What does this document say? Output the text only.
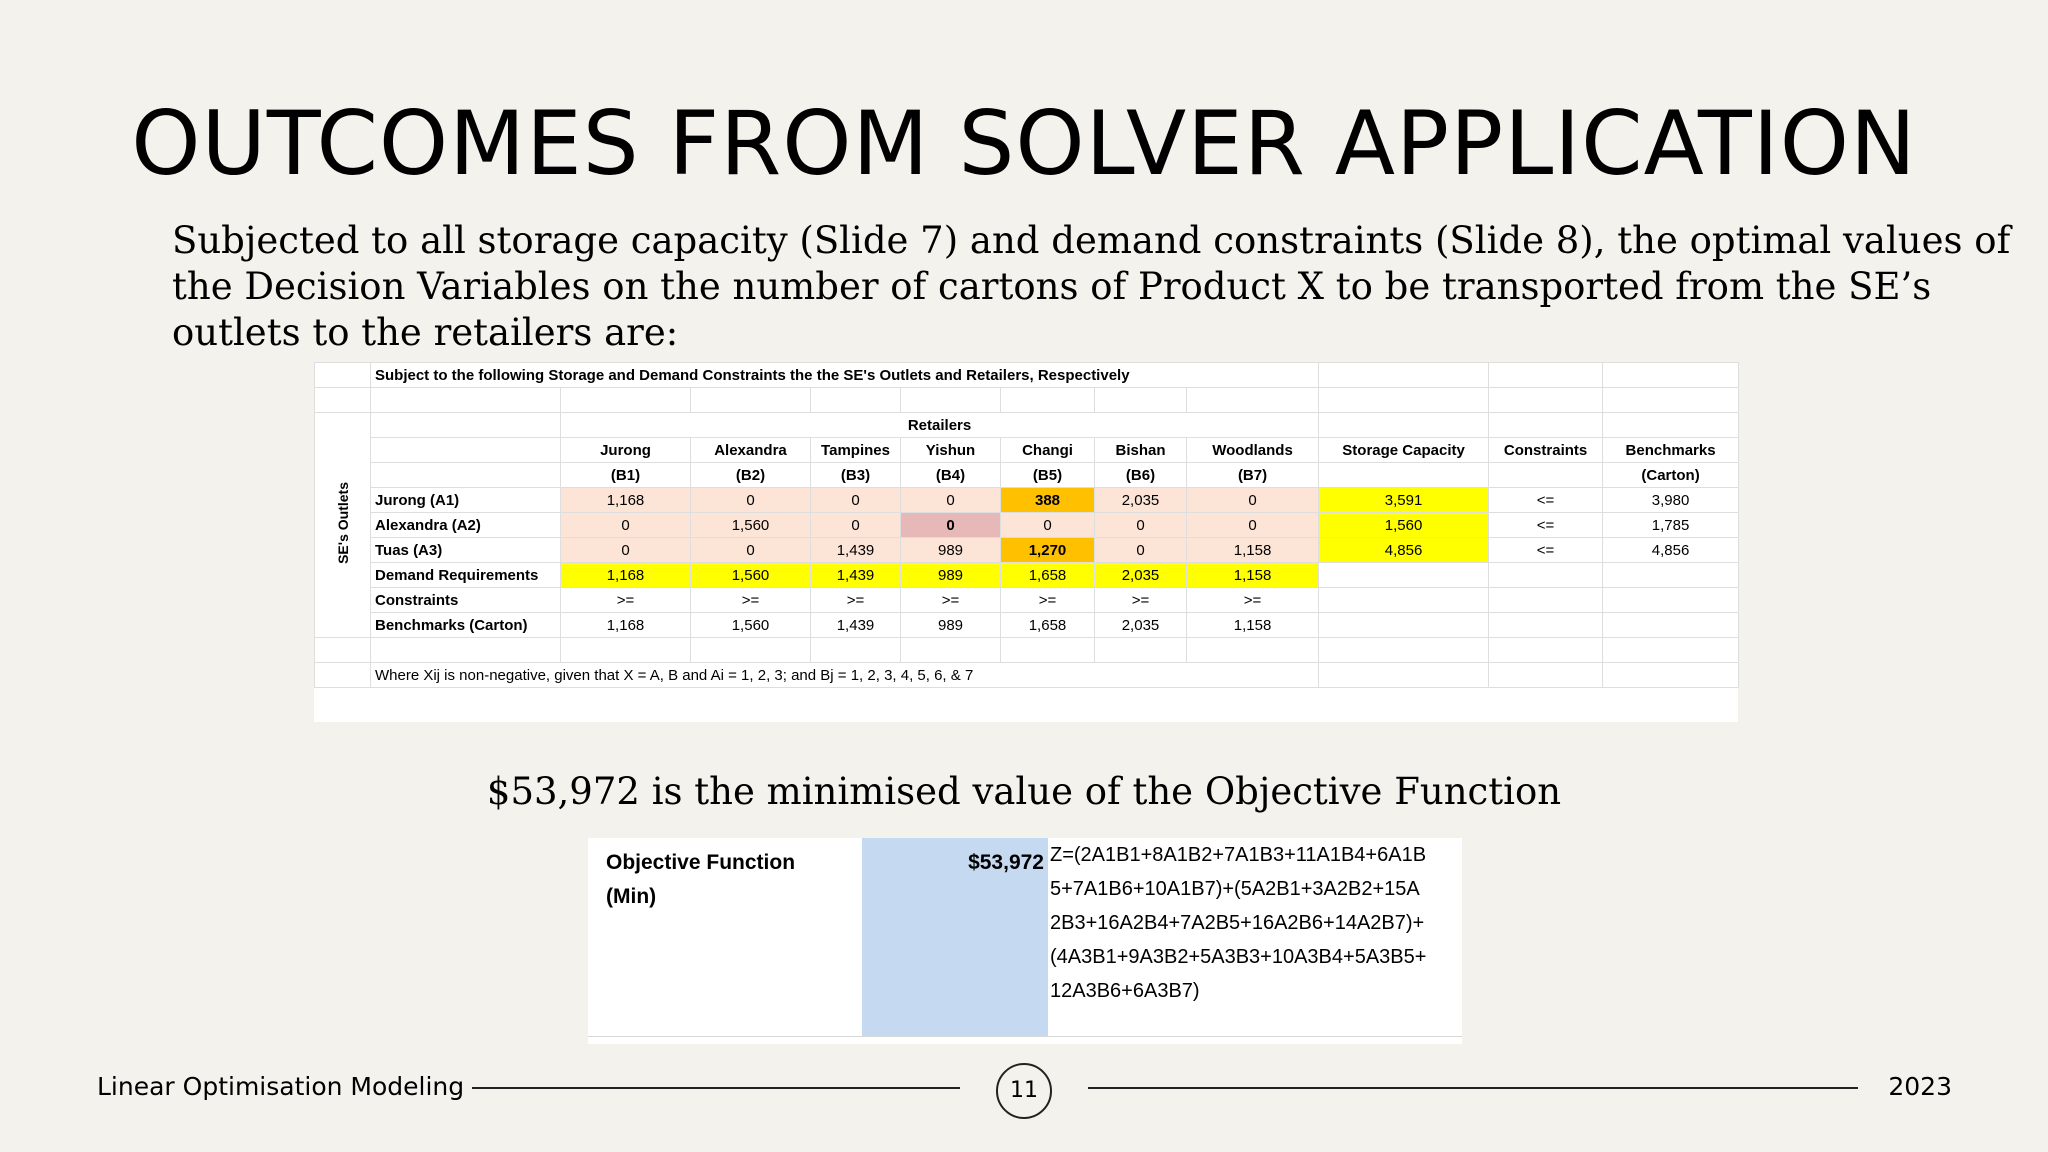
OUTCOMES FROM SOLVER APPLICATION

Subjected to all storage capacity (Slide 7) and demand constraints (Slide 8), the optimal values of
the Decision Variables on the number of cartons of Product X to be transported from the SE’s
outlets to the retailers are:

	Subject to the following Storage and Demand Constraints the the SE's Outlets and Retailers, Respectively										

SE's Outlets		Retailers									
		Jurong	Alexandra	Tampines	Yishun	Changi	Bishan	Woodlands	Storage Capacity	Constraints	Benchmarks
		(B1)	(B2)	(B3)	(B4)	(B5)	(B6)	(B7)			(Carton)
	Jurong (A1)	1,168	0	0	0	388	2,035	0	3,591	<=	3,980
	Alexandra (A2)	0	1,560	0	0	0	0	0	1,560	<=	1,785
	Tuas (A3)	0	0	1,439	989	1,270	0	1,158	4,856	<=	4,856
	Demand Requirements	1,168	1,560	1,439	989	1,658	2,035	1,158			
	Constraints	>=	>=	>=	>=	>=	>=	>=			
	Benchmarks (Carton)	1,168	1,560	1,439	989	1,658	2,035	1,158			

	Where Xij is non-negative, given that X = A, B and Ai = 1, 2, 3; and Bj = 1, 2, 3, 4, 5, 6, & 7										

$53,972 is the minimised value of the Objective Function

Objective Function
(Min)
$53,972 Z=(2A1B1+8A1B2+7A1B3+11A1B4+6A1B
5+7A1B6+10A1B7)+(5A2B1+3A2B2+15A
2B3+16A2B4+7A2B5+16A2B6+14A2B7)+
(4A3B1+9A3B2+5A3B3+10A3B4+5A3B5+
12A3B6+6A3B7)

Linear Optimisation Modeling	11	2023
